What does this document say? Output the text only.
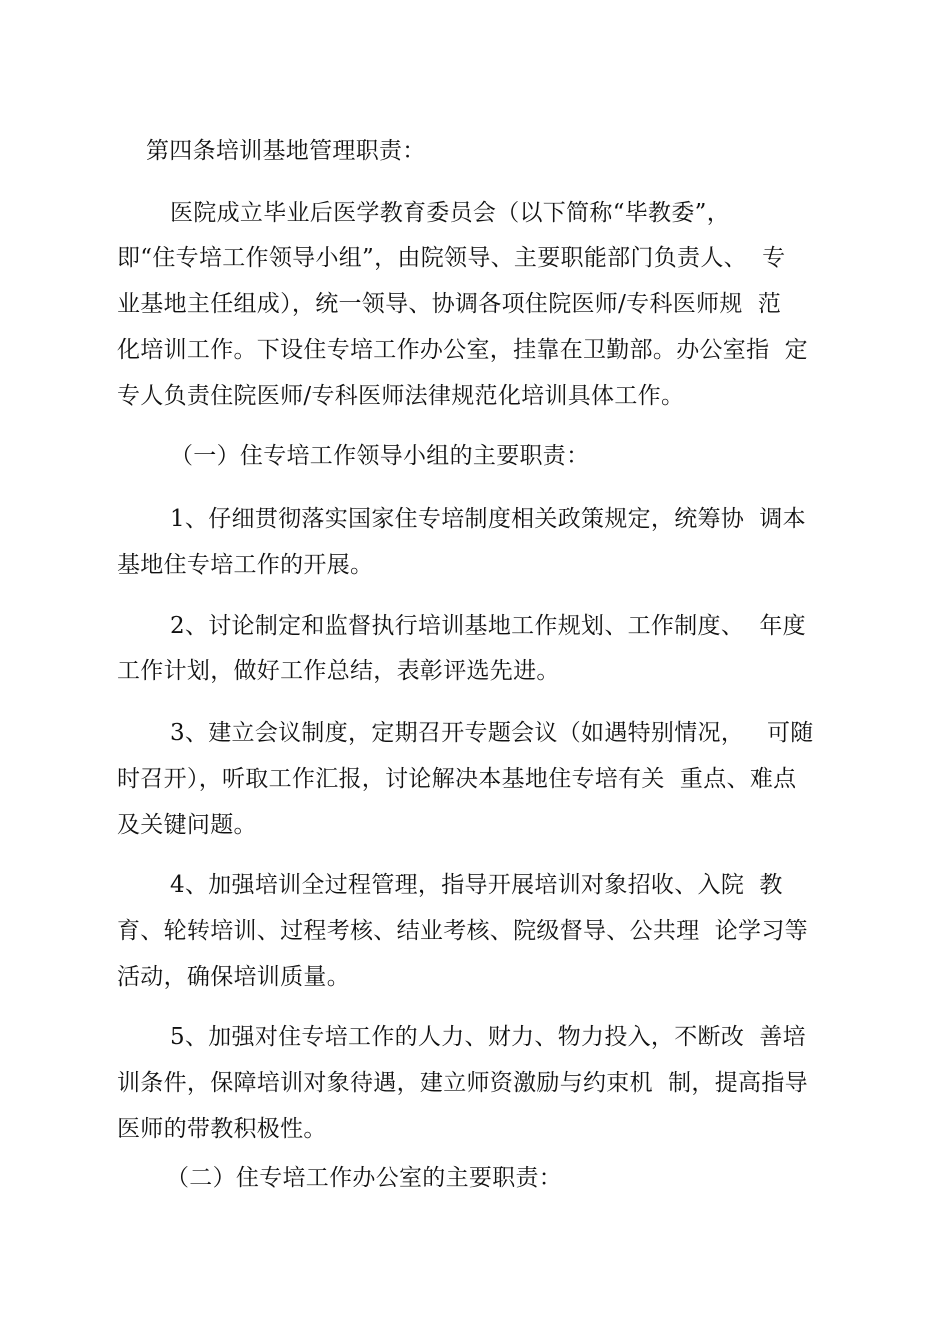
第四条培训基地管理职责：
医院成立毕业后医学教育委员会（以下简称“毕教委”，
即“住专培工作领导小组”，由院领导、主要职能部门负责人、  专
业基地主任组成），统一领导、协调各项住院医师/专科医师规  范
化培训工作。下设住专培工作办公室，挂靠在卫勤部。办公室指  定
专人负责住院医师/专科医师法律规范化培训具体工作。
（一）住专培工作领导小组的主要职责：
1、仔细贯彻落实国家住专培制度相关政策规定，统筹协  调本
基地住专培工作的开展。
2、讨论制定和监督执行培训基地工作规划、工作制度、  年度
工作计划，做好工作总结，表彰评选先进。
3、建立会议制度，定期召开专题会议（如遇特别情况，   可随
时召开），听取工作汇报，讨论解决本基地住专培有关  重点、难点
及关键问题。
4、加强培训全过程管理，指导开展培训对象招收、入院  教
育、轮转培训、过程考核、结业考核、院级督导、公共理  论学习等
活动，确保培训质量。
5、加强对住专培工作的人力、财力、物力投入，不断改  善培
训条件，保障培训对象待遇，建立师资激励与约束机  制，提高指导
医师的带教积极性。
（二）住专培工作办公室的主要职责：
